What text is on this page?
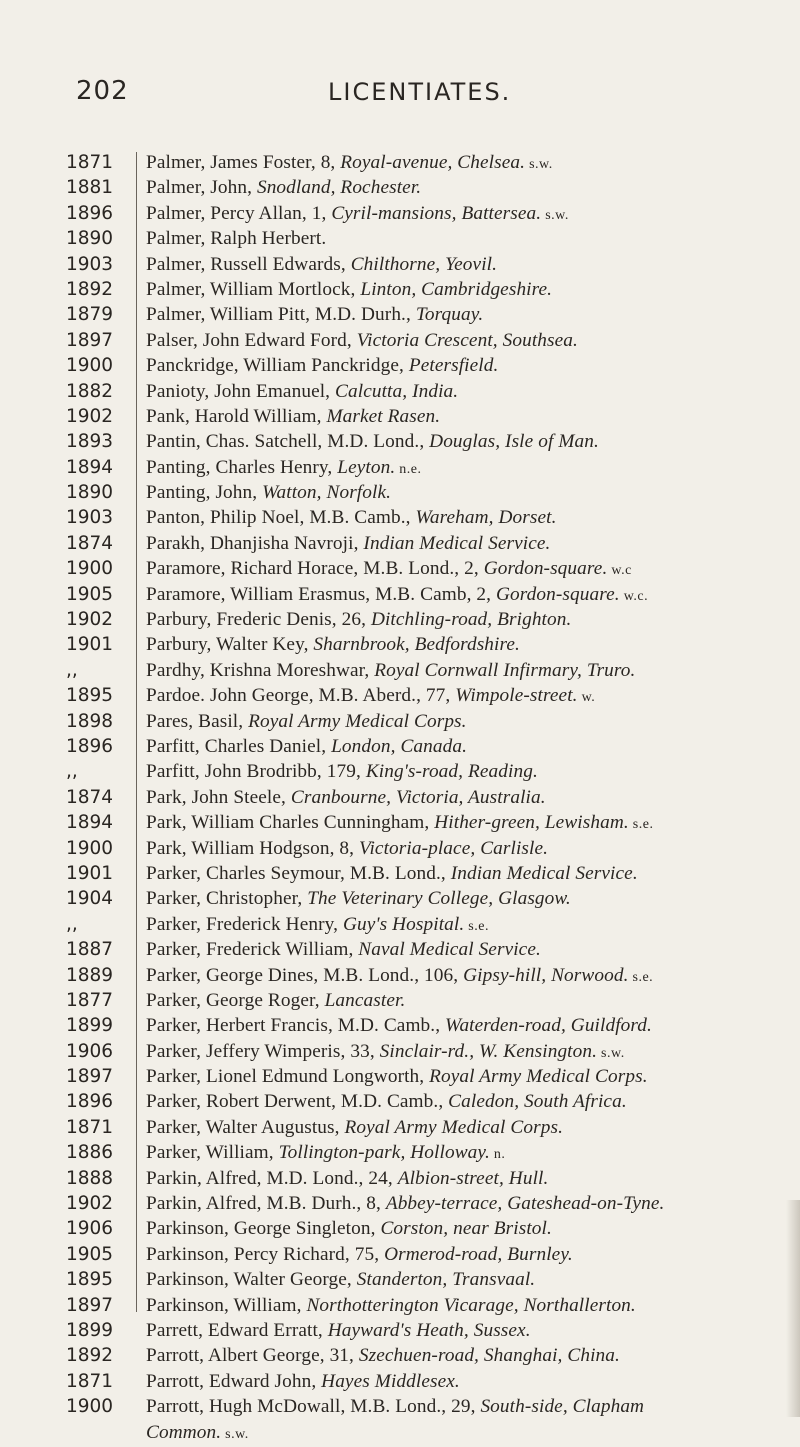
202	LICENTIATES.
1871	Palmer, James Foster, 8, Royal-avenue, Chelsea. s.w.
1881	Palmer, John, Snodland, Rochester.
1896	Palmer, Percy Allan, 1, Cyril-mansions, Battersea. s.w.
1890	Palmer, Ralph Herbert.
1903	Palmer, Russell Edwards, Chilthorne, Yeovil.
1892	Palmer, William Mortlock, Linton, Cambridgeshire.
1879	Palmer, William Pitt, M.D. Durh., Torquay.
1897	Palser, John Edward Ford, Victoria Crescent, Southsea.
1900	Panckridge, William Panckridge, Petersfield.
1882	Panioty, John Emanuel, Calcutta, India.
1902	Pank, Harold William, Market Rasen.
1893	Pantin, Chas. Satchell, M.D. Lond., Douglas, Isle of Man.
1894	Panting, Charles Henry, Leyton. n.e.
1890	Panting, John, Watton, Norfolk.
1903	Panton, Philip Noel, M.B. Camb., Wareham, Dorset.
1874	Parakh, Dhanjisha Navroji, Indian Medical Service.
1900	Paramore, Richard Horace, M.B. Lond., 2, Gordon-square. w.c
1905	Paramore, William Erasmus, M.B. Camb, 2, Gordon-square. w.c.
1902	Parbury, Frederic Denis, 26, Ditchling-road, Brighton.
1901	Parbury, Walter Key, Sharnbrook, Bedfordshire.
,,	Pardhy, Krishna Moreshwar, Royal Cornwall Infirmary, Truro.
1895	Pardoe. John George, M.B. Aberd., 77, Wimpole-street. w.
1898	Pares, Basil, Royal Army Medical Corps.
1896	Parfitt, Charles Daniel, London, Canada.
,,	Parfitt, John Brodribb, 179, King's-road, Reading.
1874	Park, John Steele, Cranbourne, Victoria, Australia.
1894	Park, William Charles Cunningham, Hither-green, Lewisham. s.e.
1900	Park, William Hodgson, 8, Victoria-place, Carlisle.
1901	Parker, Charles Seymour, M.B. Lond., Indian Medical Service.
1904	Parker, Christopher, The Veterinary College, Glasgow.
,,	Parker, Frederick Henry, Guy's Hospital. s.e.
1887	Parker, Frederick William, Naval Medical Service.
1889	Parker, George Dines, M.B. Lond., 106, Gipsy-hill, Norwood. s.e.
1877	Parker, George Roger, Lancaster.
1899	Parker, Herbert Francis, M.D. Camb., Waterden-road, Guildford.
1906	Parker, Jeffery Wimperis, 33, Sinclair-rd., W. Kensington. s.w.
1897	Parker, Lionel Edmund Longworth, Royal Army Medical Corps.
1896	Parker, Robert Derwent, M.D. Camb., Caledon, South Africa.
1871	Parker, Walter Augustus, Royal Army Medical Corps.
1886	Parker, William, Tollington-park, Holloway. n.
1888	Parkin, Alfred, M.D. Lond., 24, Albion-street, Hull.
1902	Parkin, Alfred, M.B. Durh., 8, Abbey-terrace, Gateshead-on-Tyne.
1906	Parkinson, George Singleton, Corston, near Bristol.
1905	Parkinson, Percy Richard, 75, Ormerod-road, Burnley.
1895	Parkinson, Walter George, Standerton, Transvaal.
1897	Parkinson, William, Northotterington Vicarage, Northallerton.
1899	Parrett, Edward Erratt, Hayward's Heath, Sussex.
1892	Parrott, Albert George, 31, Szechuen-road, Shanghai, China.
1871	Parrott, Edward John, Hayes Middlesex.
1900	Parrott, Hugh McDowall, M.B. Lond., 29, South-side, Clapham
Common. s.w.
